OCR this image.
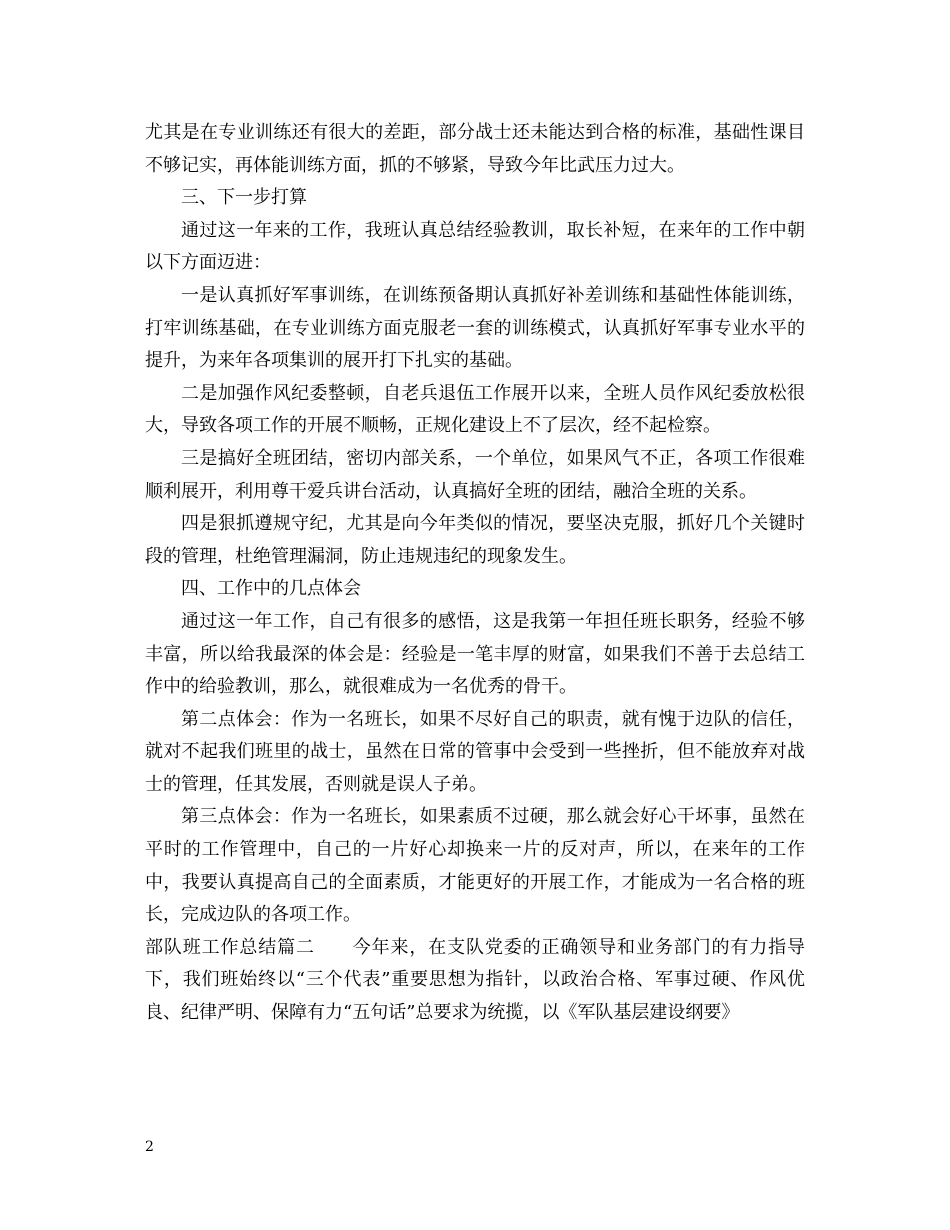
尤其是在专业训练还有很大的差距，部分战士还未能达到合格的标准，基础性课目不够记实，再体能训练方面，抓的不够紧，导致今年比武压力过大。

三、下一步打算

通过这一年来的工作，我班认真总结经验教训，取长补短，在来年的工作中朝以下方面迈进：

一是认真抓好军事训练，在训练预备期认真抓好补差训练和基础性体能训练，打牢训练基础，在专业训练方面克服老一套的训练模式，认真抓好军事专业水平的提升，为来年各项集训的展开打下扎实的基础。

二是加强作风纪委整顿，自老兵退伍工作展开以来，全班人员作风纪委放松很大，导致各项工作的开展不顺畅，正规化建设上不了层次，经不起检察。

三是搞好全班团结，密切内部关系，一个单位，如果风气不正，各项工作很难顺利展开，利用尊干爱兵讲台活动，认真搞好全班的团结，融洽全班的关系。

四是狠抓遵规守纪，尤其是向今年类似的情况，要坚决克服，抓好几个关键时段的管理，杜绝管理漏洞，防止违规违纪的现象发生。

四、工作中的几点体会

通过这一年工作，自己有很多的感悟，这是我第一年担任班长职务，经验不够丰富，所以给我最深的体会是：经验是一笔丰厚的财富，如果我们不善于去总结工作中的给验教训，那么，就很难成为一名优秀的骨干。

第二点体会：作为一名班长，如果不尽好自己的职责，就有愧于边队的信任，就对不起我们班里的战士，虽然在日常的管事中会受到一些挫折，但不能放弃对战士的管理，任其发展，否则就是误人子弟。

第三点体会：作为一名班长，如果素质不过硬，那么就会好心干坏事，虽然在平时的工作管理中，自己的一片好心却换来一片的反对声，所以，在来年的工作中，我要认真提高自己的全面素质，才能更好的开展工作，才能成为一名合格的班长，完成边队的各项工作。

部队班工作总结篇二　　今年来，在支队党委的正确领导和业务部门的有力指导下，我们班始终以“三个代表”重要思想为指针，以政治合格、军事过硬、作风优良、纪律严明、保障有力“五句话”总要求为统揽，以《军队基层建设纲要》

2
